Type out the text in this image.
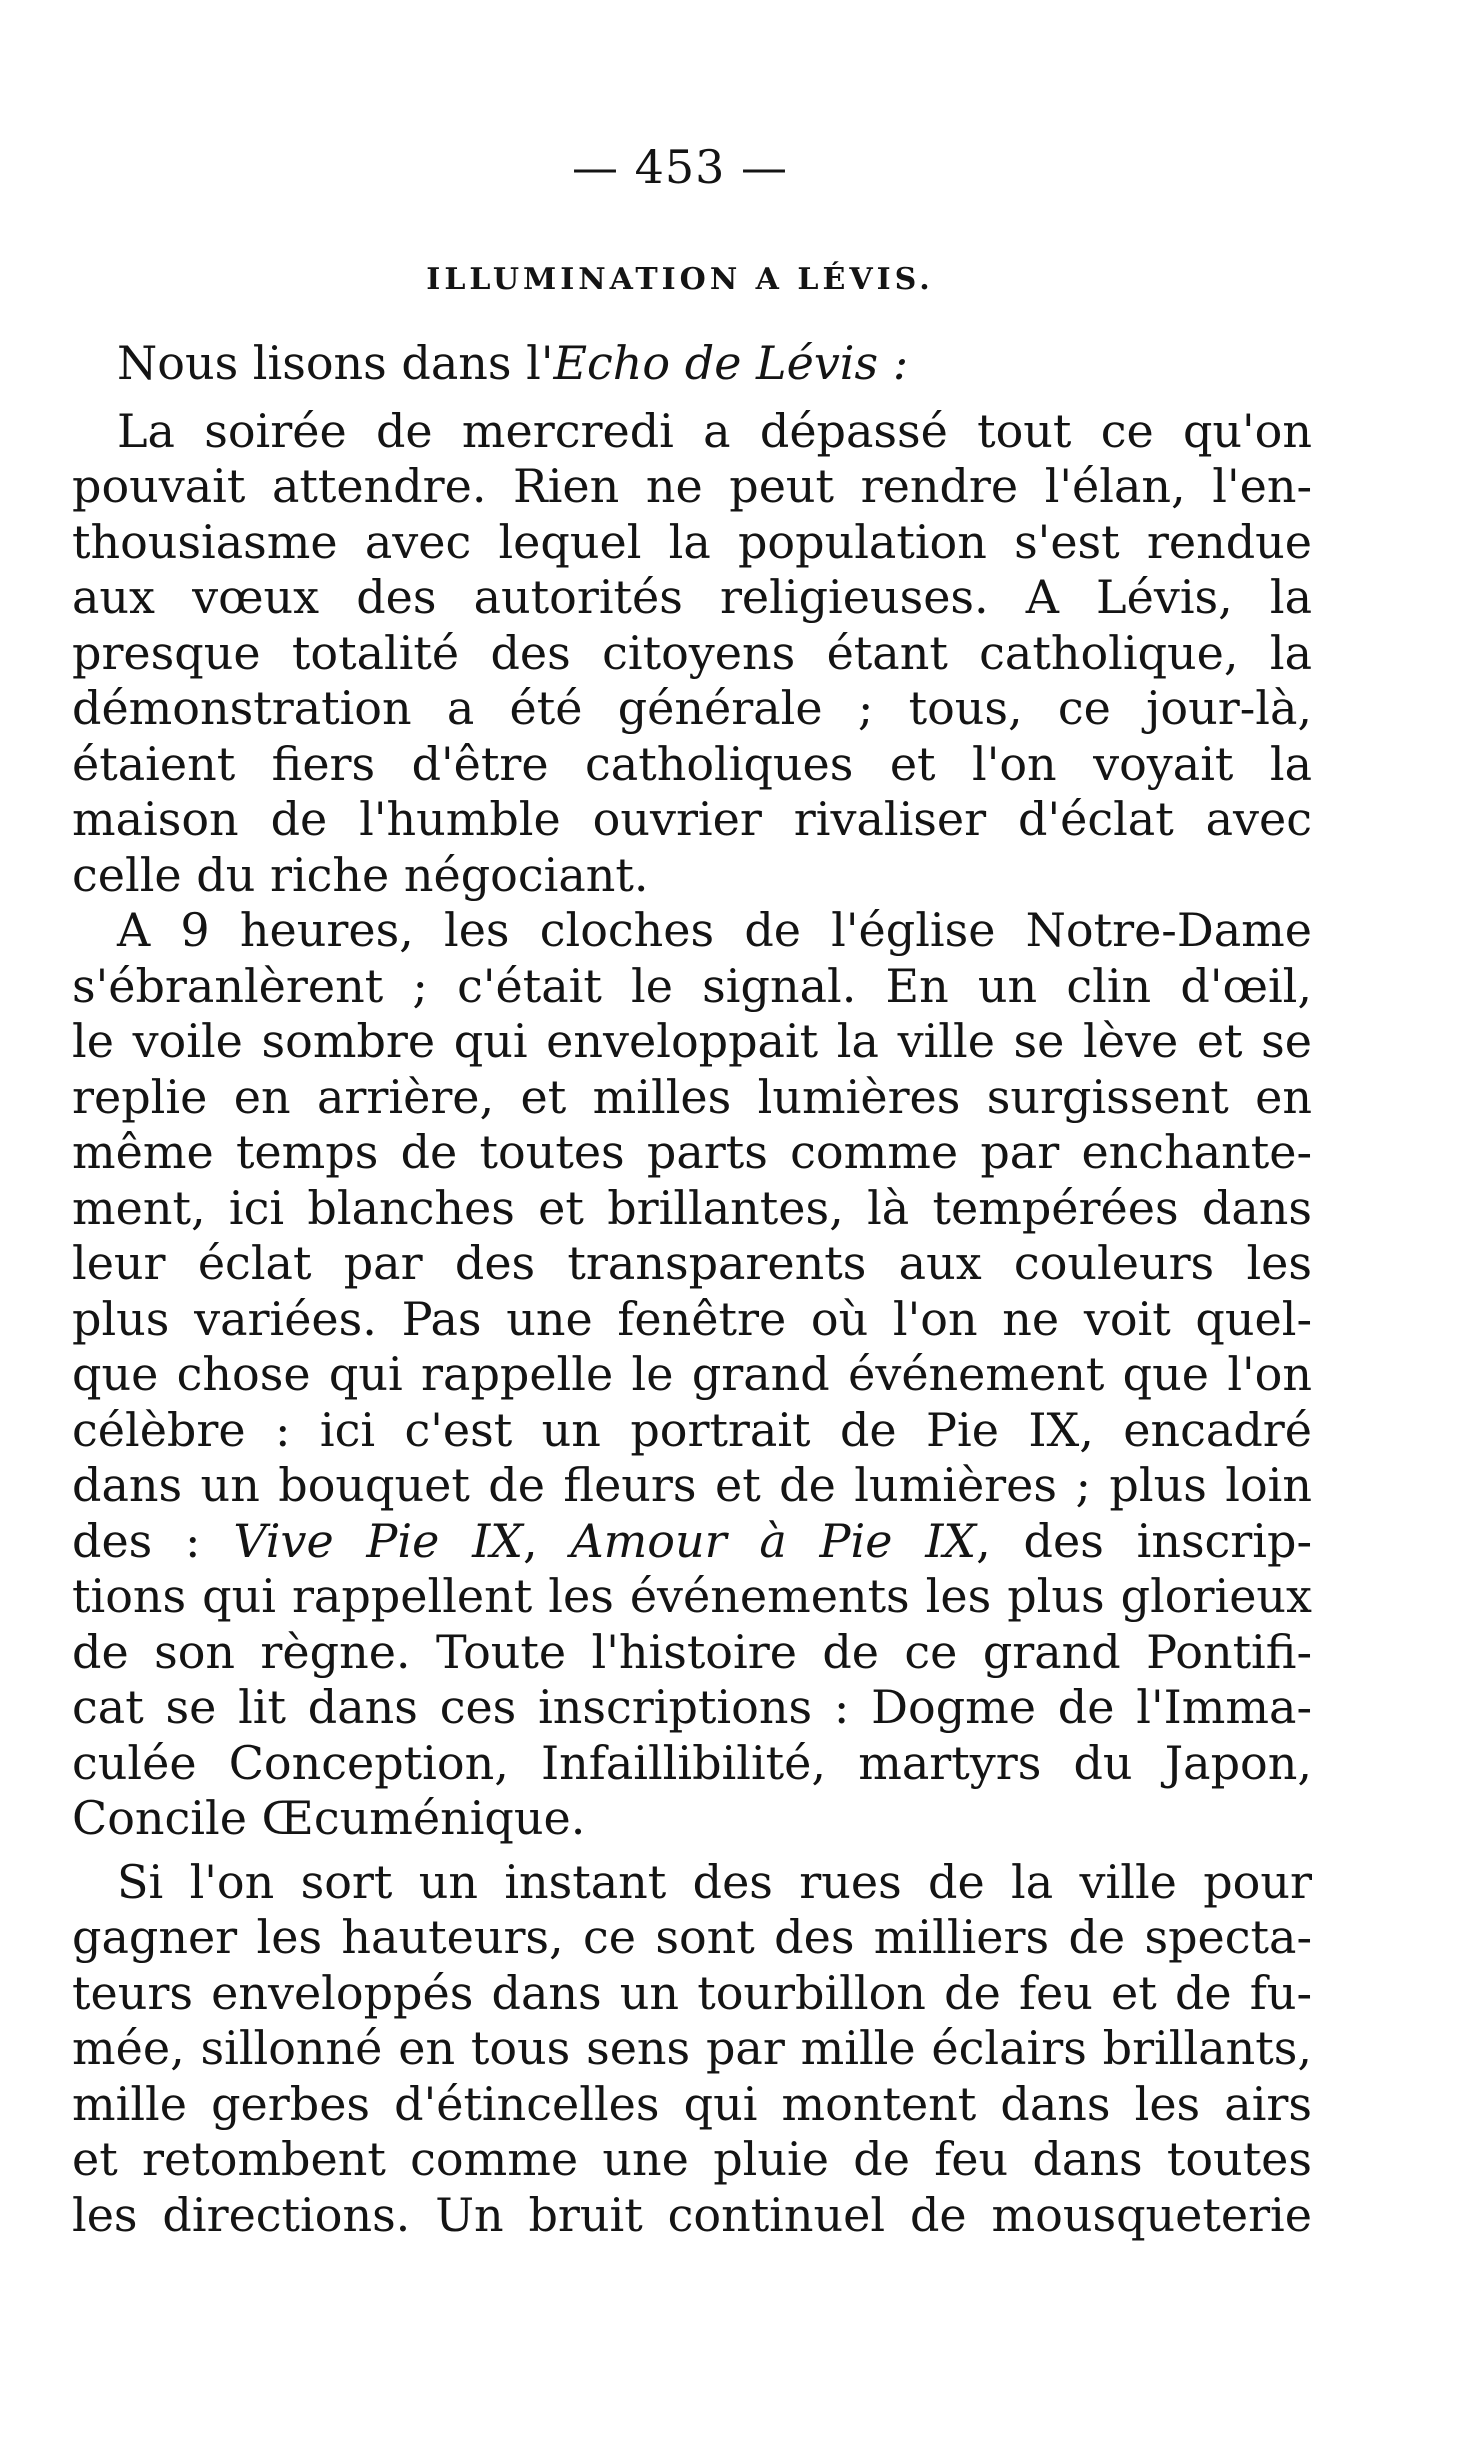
— 453 —
ILLUMINATION A LÉVIS.
Nous lisons dans l'Echo de Lévis :
La soirée de mercredi a dépassé tout ce qu'on
pouvait attendre. Rien ne peut rendre l'élan, l'en-
thousiasme avec lequel la population s'est rendue
aux vœux des autorités religieuses. A Lévis, la
presque totalité des citoyens étant catholique, la
démonstration a été générale ; tous, ce jour-là,
étaient fiers d'être catholiques et l'on voyait la
maison de l'humble ouvrier rivaliser d'éclat avec
celle du riche négociant.
A 9 heures, les cloches de l'église Notre-Dame
s'ébranlèrent ; c'était le signal. En un clin d'œil,
le voile sombre qui enveloppait la ville se lève et se
replie en arrière, et milles lumières surgissent en
même temps de toutes parts comme par enchante-
ment, ici blanches et brillantes, là tempérées dans
leur éclat par des transparents aux couleurs les
plus variées. Pas une fenêtre où l'on ne voit quel-
que chose qui rappelle le grand événement que l'on
célèbre : ici c'est un portrait de Pie IX, encadré
dans un bouquet de fleurs et de lumières ; plus loin
des : Vive Pie IX, Amour à Pie IX, des inscrip-
tions qui rappellent les événements les plus glorieux
de son règne. Toute l'histoire de ce grand Pontifi-
cat se lit dans ces inscriptions : Dogme de l'Imma-
culée Conception, Infaillibilité, martyrs du Japon,
Concile Œcuménique.
Si l'on sort un instant des rues de la ville pour
gagner les hauteurs, ce sont des milliers de specta-
teurs enveloppés dans un tourbillon de feu et de fu-
mée, sillonné en tous sens par mille éclairs brillants,
mille gerbes d'étincelles qui montent dans les airs
et retombent comme une pluie de feu dans toutes
les directions. Un bruit continuel de mousqueterie
